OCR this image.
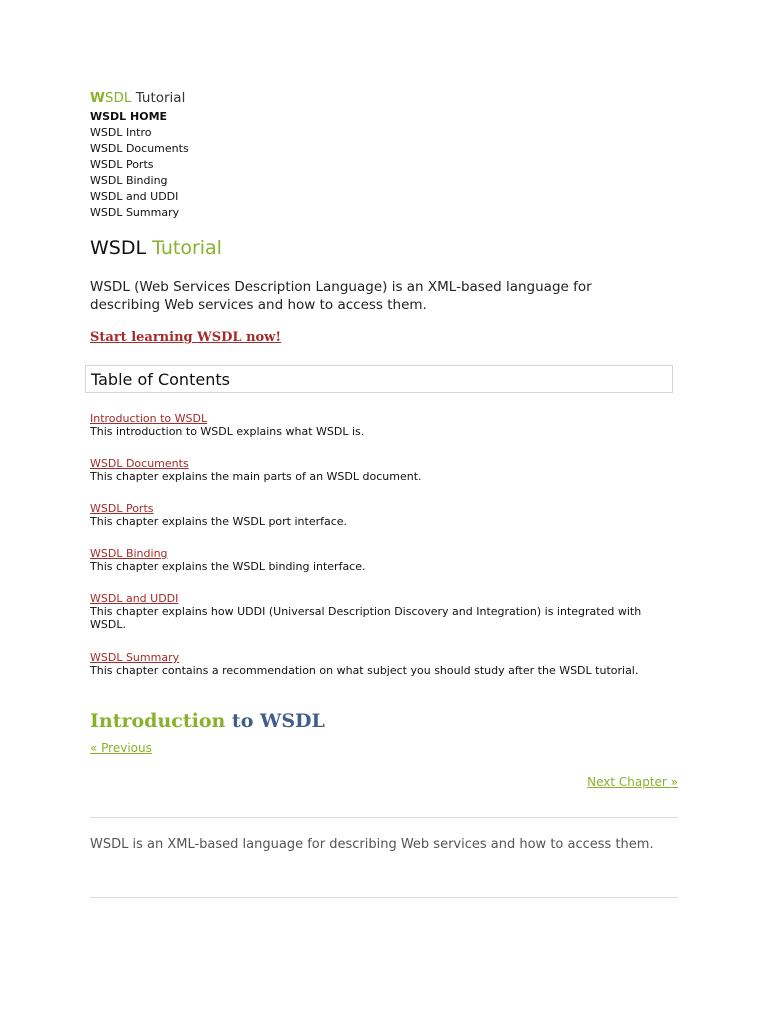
WSDL Tutorial
WSDL HOME
WSDL Intro
WSDL Documents
WSDL Ports
WSDL Binding
WSDL and UDDI
WSDL Summary
WSDL Tutorial
WSDL (Web Services Description Language) is an XML-based language for describing Web services and how to access them.
Start learning WSDL now!
Table of Contents
Introduction to WSDL
This introduction to WSDL explains what WSDL is.
WSDL Documents
This chapter explains the main parts of an WSDL document.
WSDL Ports
This chapter explains the WSDL port interface.
WSDL Binding
This chapter explains the WSDL binding interface.
WSDL and UDDI
This chapter explains how UDDI (Universal Description Discovery and Integration) is integrated with WSDL.
WSDL Summary
This chapter contains a recommendation on what subject you should study after the WSDL tutorial.
Introduction to WSDL
« Previous
Next Chapter »
WSDL is an XML-based language for describing Web services and how to access them.
